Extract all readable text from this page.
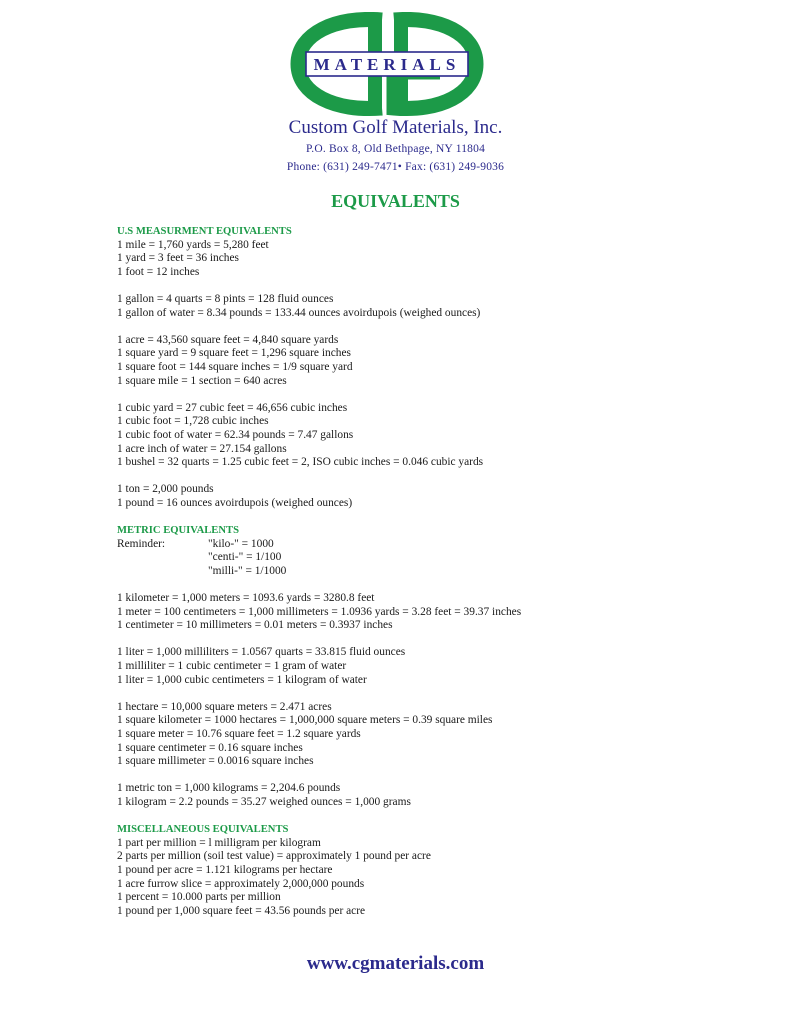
MATERIALS
Custom Golf Materials, Inc.
P.O. Box 8, Old Bethpage, NY 11804
Phone: (631) 249-7471• Fax: (631) 249-9036
EQUIVALENTS
U.S MEASURMENT EQUIVALENTS
1 mile = 1,760 yards = 5,280 feet
1 yard = 3 feet = 36 inches
1 foot = 12 inches
1 gallon = 4 quarts = 8 pints = 128 fluid ounces
1 gallon of water = 8.34 pounds = 133.44 ounces avoirdupois (weighed ounces)
1 acre = 43,560 square feet = 4,840 square yards
1 square yard = 9 square feet = 1,296 square inches
1 square foot = 144 square inches = 1/9 square yard
1 square mile = 1 section = 640 acres
1 cubic yard = 27 cubic feet = 46,656 cubic inches
1 cubic foot = 1,728 cubic inches
1 cubic foot of water = 62.34 pounds = 7.47 gallons
1 acre inch of water = 27.154 gallons
1 bushel = 32 quarts = 1.25 cubic feet = 2, ISO cubic inches = 0.046 cubic yards
1 ton = 2,000 pounds
1 pound = 16 ounces avoirdupois (weighed ounces)
METRIC EQUIVALENTS
Reminder:	"kilo-" = 1000
"centi-" = 1/100
"milli-" = 1/1000
1 kilometer = 1,000 meters = 1093.6 yards = 3280.8 feet
1 meter = 100 centimeters = 1,000 millimeters = 1.0936 yards = 3.28 feet = 39.37 inches
1 centimeter = 10 millimeters = 0.01 meters = 0.3937 inches
1 liter = 1,000 milliliters = 1.0567 quarts = 33.815 fluid ounces
1 milliliter = 1 cubic centimeter = 1 gram of water
1 liter = 1,000 cubic centimeters = 1 kilogram of water
1 hectare = 10,000 square meters = 2.471 acres
1 square kilometer = 1000 hectares = 1,000,000 square meters = 0.39 square miles
1 square meter = 10.76 square feet = 1.2 square yards
1 square centimeter = 0.16 square inches
1 square millimeter = 0.0016 square inches
1 metric ton = 1,000 kilograms = 2,204.6 pounds
1 kilogram = 2.2 pounds = 35.27 weighed ounces = 1,000 grams
MISCELLANEOUS EQUIVALENTS
1 part per million = l milligram per kilogram
2 parts per million (soil test value) = approximately 1 pound per acre
1 pound per acre = 1.121 kilograms per hectare
1 acre furrow slice = approximately 2,000,000 pounds
1 percent = 10.000 parts per million
1 pound per 1,000 square feet = 43.56 pounds per acre
www.cgmaterials.com
